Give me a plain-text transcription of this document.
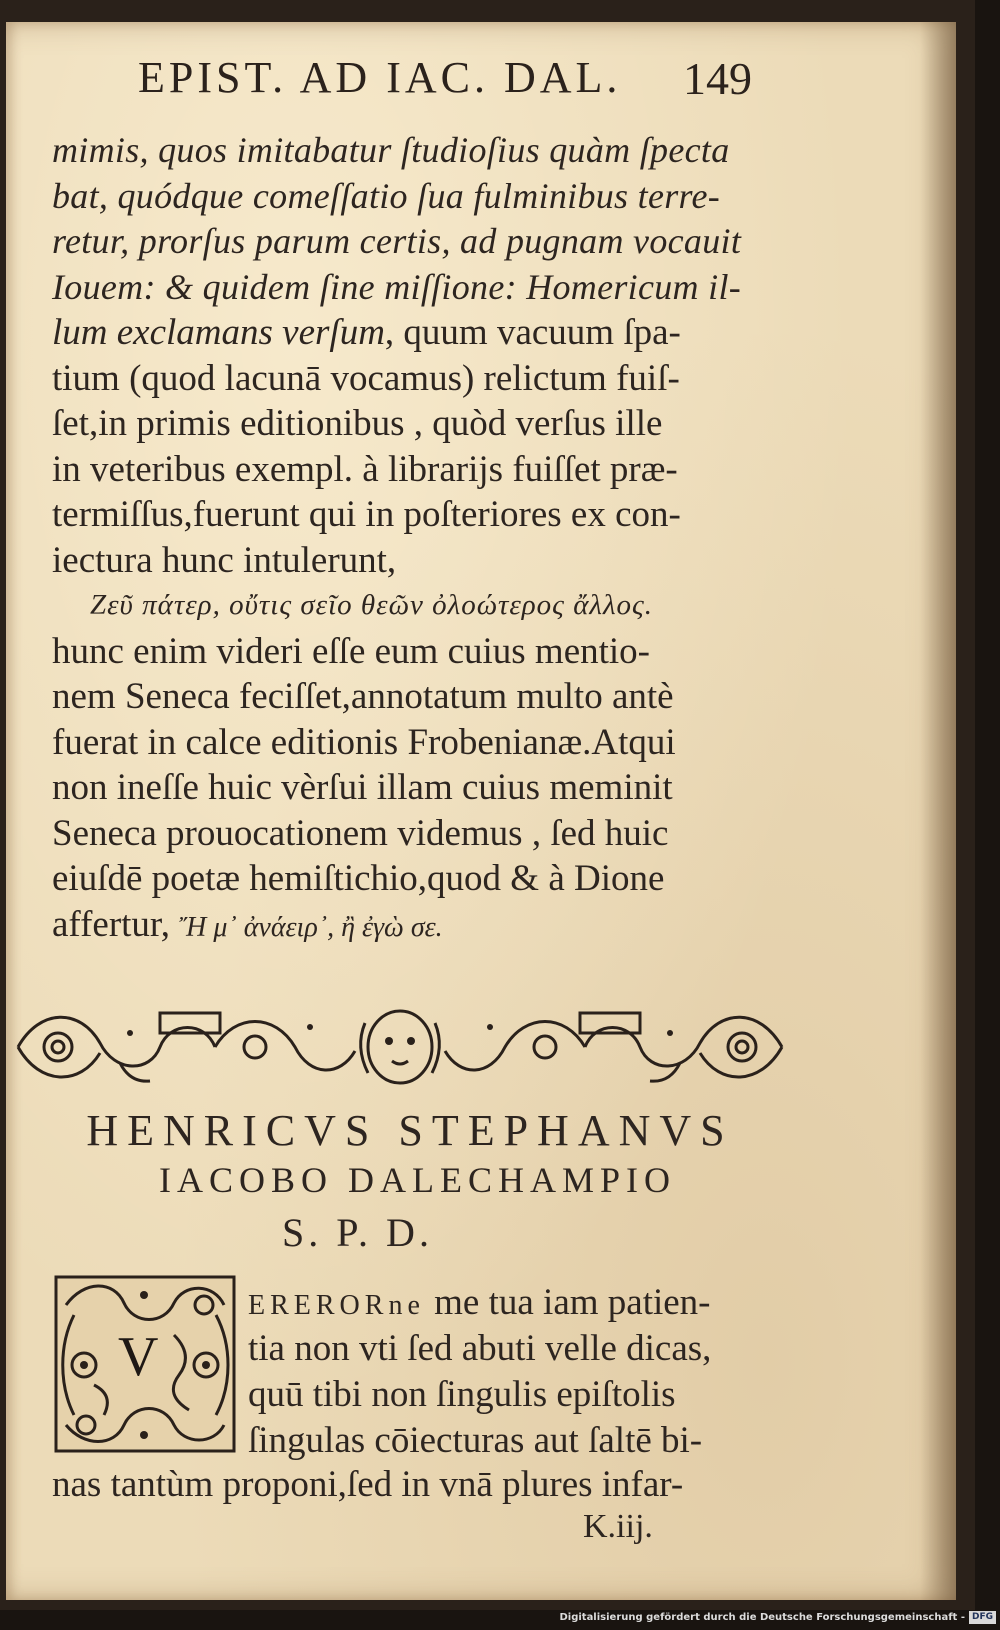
EPIST. AD IAC. DAL.	149
mimis, quos imitabatur ſtudioſius quàm ſpecta
bat, quódque comeſſatio ſua fulminibus terre-
retur, prorſus parum certis, ad pugnam vocauit
Iouem: & quidem ſine miſſione: Homericum il-
lum exclamans verſum, quum vacuum ſpa-
tium (quod lacunā vocamus) relictum fuiſ-
ſet,in primis editionibus , quòd verſus ille
in veteribus exempl. à librarijs fuiſſet præ-
termiſſus,fuerunt qui in poſteriores ex con-
iectura hunc intulerunt,
Ζεῦ πάτερ, οὔτις σεῖο θεῶν ὀλοώτερος ἄλλος.
hunc enim videri eſſe eum cuius mentio-
nem Seneca feciſſet,annotatum multo antè
fuerat in calce editionis Frobenianæ.Atqui
non ineſſe huic vèrſui illam cuius meminit
Seneca prouocationem videmus , ſed huic
eiuſdē poetæ hemiſtichio,quod & à Dione
affertur, Ἤ μ᾽ ἀνάειρ᾽, ἢ ἐγὼ σε.
HENRICVS STEPHANVS
IACOBO DALECHAMPIO
S. P. D.
V
ERERORne me tua iam patien-
tia non vti ſed abuti velle dicas,
quū tibi non ſingulis epiſtolis
ſingulas cōiecturas aut ſaltē bi-
nas tantùm proponi,ſed in vnā plures infar-
K.iij.
Digitalisierung gefördert durch die Deutsche Forschungsgemeinschaft - DFG
